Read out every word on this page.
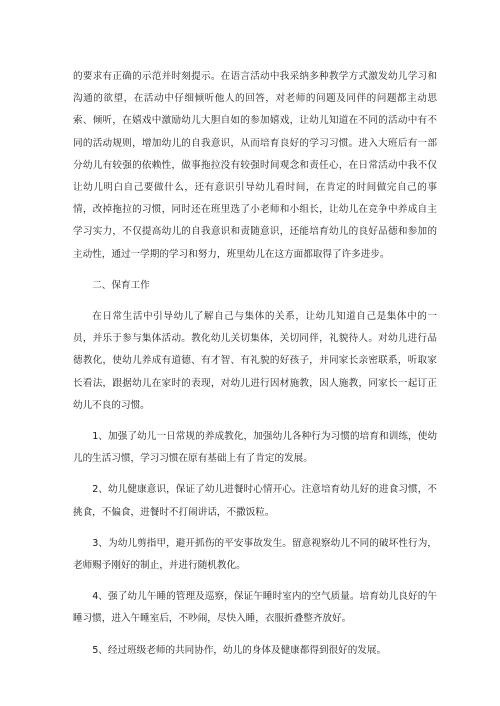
的要求有正确的示范并时刻提示。在语言活动中我采纳多种教学方式激发幼儿学习和沟通的欲望，在活动中仔细倾听他人的回答，对老师的问题及同伴的问题都主动思索、倾听，在嬉戏中激励幼儿大胆自如的参加嬉戏，让幼儿知道在不同的活动中有不同的活动规则，增加幼儿的自我意识，从而培育良好的学习习惯。进入大班后有一部分幼儿有较强的依赖性，做事拖拉没有较强时间观念和责任心，在日常活动中我不仅让幼儿明白自己要做什么，还有意识引导幼儿看时间，在肯定的时间做完自己的事情，改掉拖拉的习惯，同时还在班里选了小老师和小组长，让幼儿在竞争中养成自主学习实力，不仅提高幼儿的自我意识和责随意识，还能培育幼儿的良好品德和参加的主动性，通过一学期的学习和努力，班里幼儿在这方面都取得了许多进步。

二、保育工作

在日常生活中引导幼儿了解自己与集体的关系，让幼儿知道自己是集体中的一员，并乐于参与集体活动。教化幼儿关切集体，关切同伴，礼貌待人。对幼儿进行品德教化，使幼儿养成有道德、有才智、有礼貌的好孩子，并同家长亲密联系，听取家长看法，跟据幼儿在家时的表现，对幼儿进行因材施教，因人施教，同家长一起订正幼儿不良的习惯。

1、加强了幼儿一日常规的养成教化，加强幼儿各种行为习惯的培育和训练，使幼儿的生活习惯，学习习惯在原有基础上有了肯定的发展。

2、幼儿健康意识，保证了幼儿进餐时心情开心。注意培育幼儿好的进食习惯，不挑食，不偏食，进餐时不打闹讲话，不撒饭粒。

3、为幼儿剪指甲，避开抓伤的平安事故发生。留意视察幼儿不同的破坏性行为，老师赐予刚好的制止，并进行随机教化。

4、强了幼儿午睡的管理及巡察，保证午睡时室内的空气质量。培育幼儿良好的午睡习惯，进入午睡室后，不吵闹，尽快入睡，衣服折叠整齐放好。

5、经过班级老师的共同协作，幼儿的身体及健康都得到很好的发展。
